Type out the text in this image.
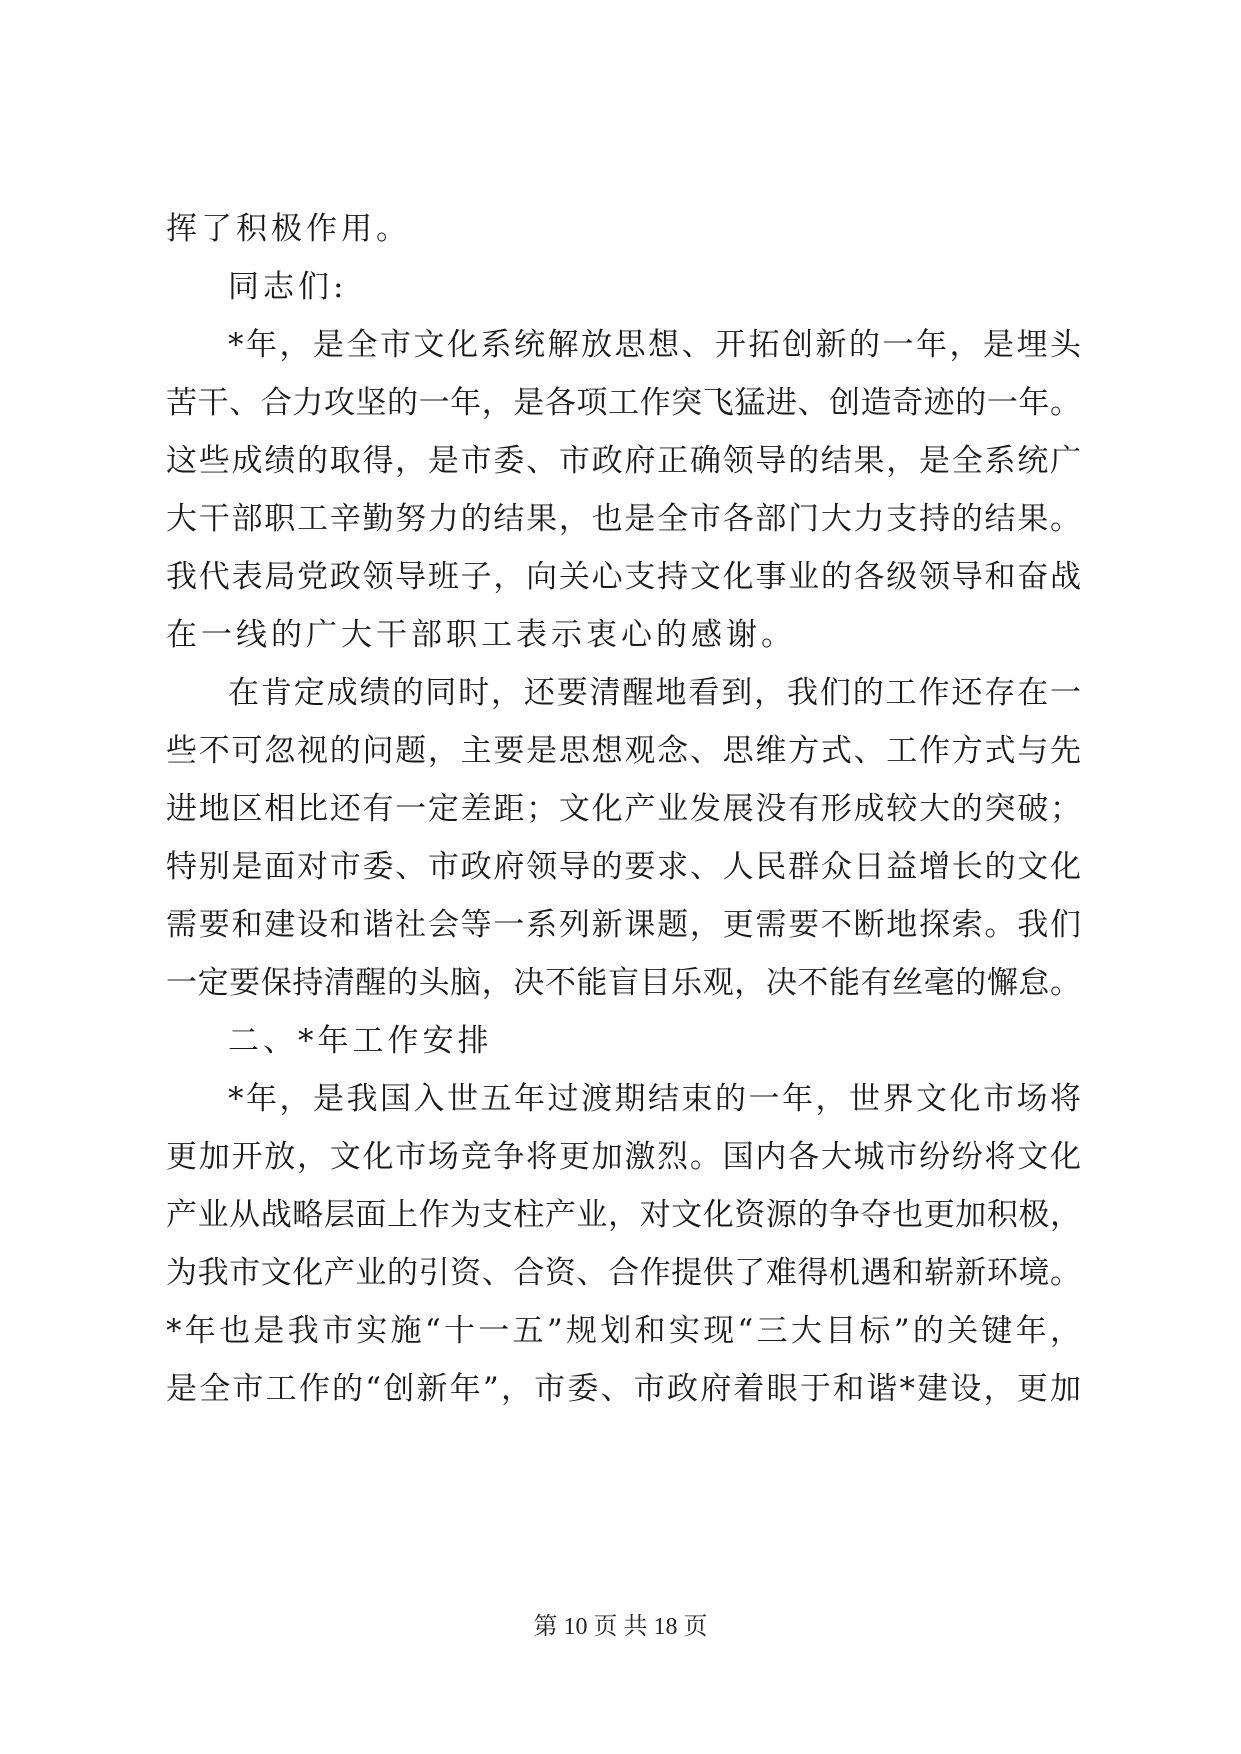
挥了积极作用。
同志们:
*年，是全市文化系统解放思想、开拓创新的一年，是埋头
苦干、合力攻坚的一年，是各项工作突飞猛进、创造奇迹的一年。
这些成绩的取得，是市委、市政府正确领导的结果，是全系统广
大干部职工辛勤努力的结果，也是全市各部门大力支持的结果。
我代表局党政领导班子，向关心支持文化事业的各级领导和奋战
在一线的广大干部职工表示衷心的感谢。
在肯定成绩的同时，还要清醒地看到，我们的工作还存在一
些不可忽视的问题，主要是思想观念、思维方式、工作方式与先
进地区相比还有一定差距；文化产业发展没有形成较大的突破；
特别是面对市委、市政府领导的要求、人民群众日益增长的文化
需要和建设和谐社会等一系列新课题，更需要不断地探索。我们
一定要保持清醒的头脑，决不能盲目乐观，决不能有丝毫的懈怠。
二、*年工作安排
*年，是我国入世五年过渡期结束的一年，世界文化市场将
更加开放，文化市场竞争将更加激烈。国内各大城市纷纷将文化
产业从战略层面上作为支柱产业，对文化资源的争夺也更加积极，
为我市文化产业的引资、合资、合作提供了难得机遇和崭新环境。
*年也是我市实施“十一五”规划和实现“三大目标”的关键年，
是全市工作的“创新年”，市委、市政府着眼于和谐*建设，更加
第 10 页 共 18 页
